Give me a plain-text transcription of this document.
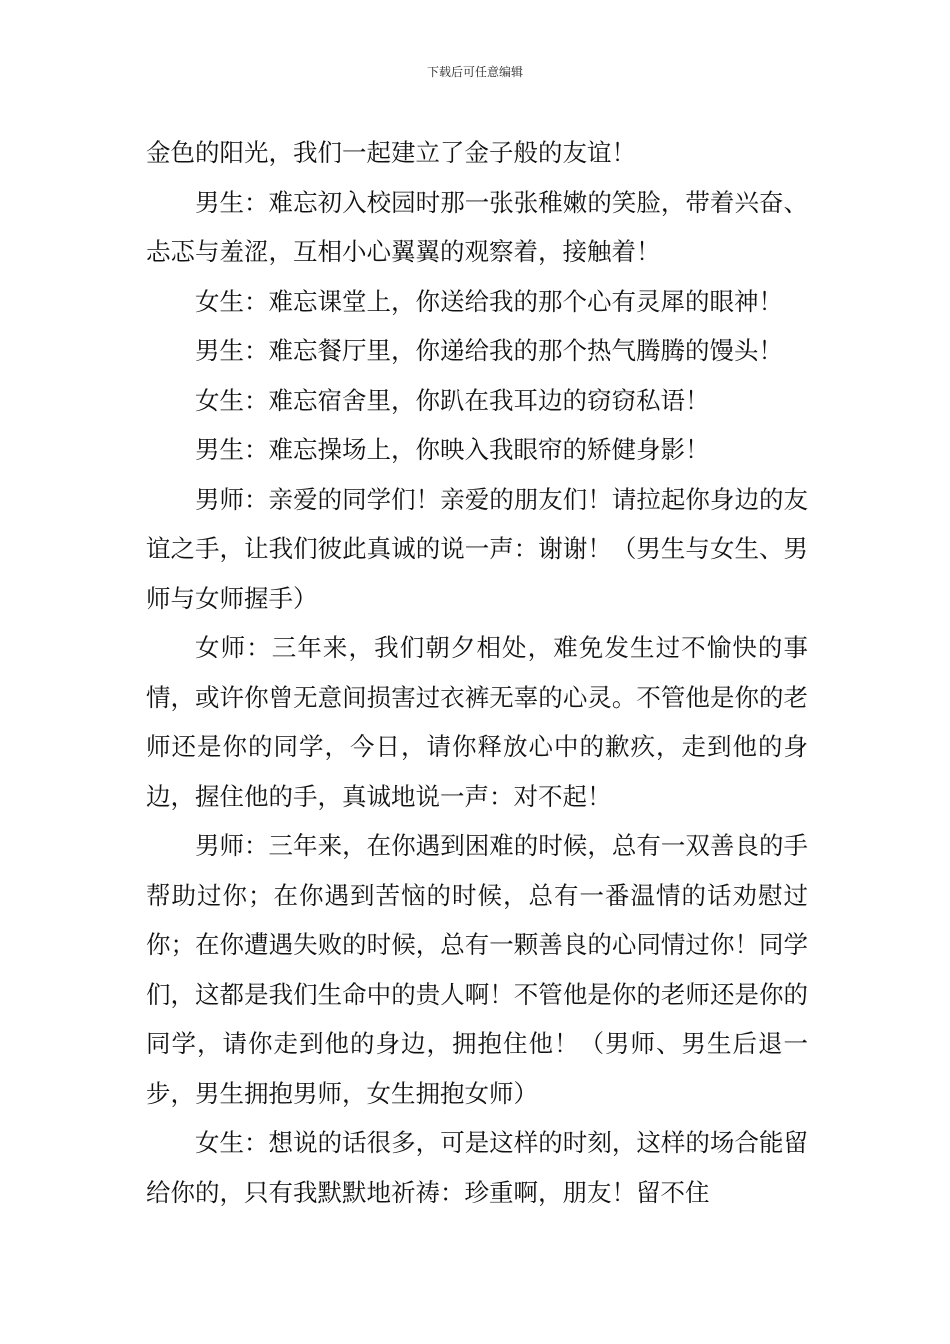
下载后可任意编辑

金色的阳光，我们一起建立了金子般的友谊！

男生：难忘初入校园时那一张张稚嫩的笑脸，带着兴奋、忐忑与羞涩，互相小心翼翼的观察着，接触着！

女生：难忘课堂上，你送给我的那个心有灵犀的眼神！

男生：难忘餐厅里，你递给我的那个热气腾腾的馒头！

女生：难忘宿舍里，你趴在我耳边的窃窃私语！

男生：难忘操场上，你映入我眼帘的矫健身影！

男师：亲爱的同学们！亲爱的朋友们！请拉起你身边的友谊之手，让我们彼此真诚的说一声：谢谢！（男生与女生、男师与女师握手）

女师：三年来，我们朝夕相处，难免发生过不愉快的事情，或许你曾无意间损害过衣裤无辜的心灵。不管他是你的老师还是你的同学，今日，请你释放心中的歉疚，走到他的身边，握住他的手，真诚地说一声：对不起！

男师：三年来，在你遇到困难的时候，总有一双善良的手帮助过你；在你遇到苦恼的时候，总有一番温情的话劝慰过你；在你遭遇失败的时候，总有一颗善良的心同情过你！同学们，这都是我们生命中的贵人啊！不管他是你的老师还是你的同学，请你走到他的身边，拥抱住他！（男师、男生后退一步，男生拥抱男师，女生拥抱女师）

女生：想说的话很多，可是这样的时刻，这样的场合能留给你的，只有我默默地祈祷：珍重啊，朋友！留不住
